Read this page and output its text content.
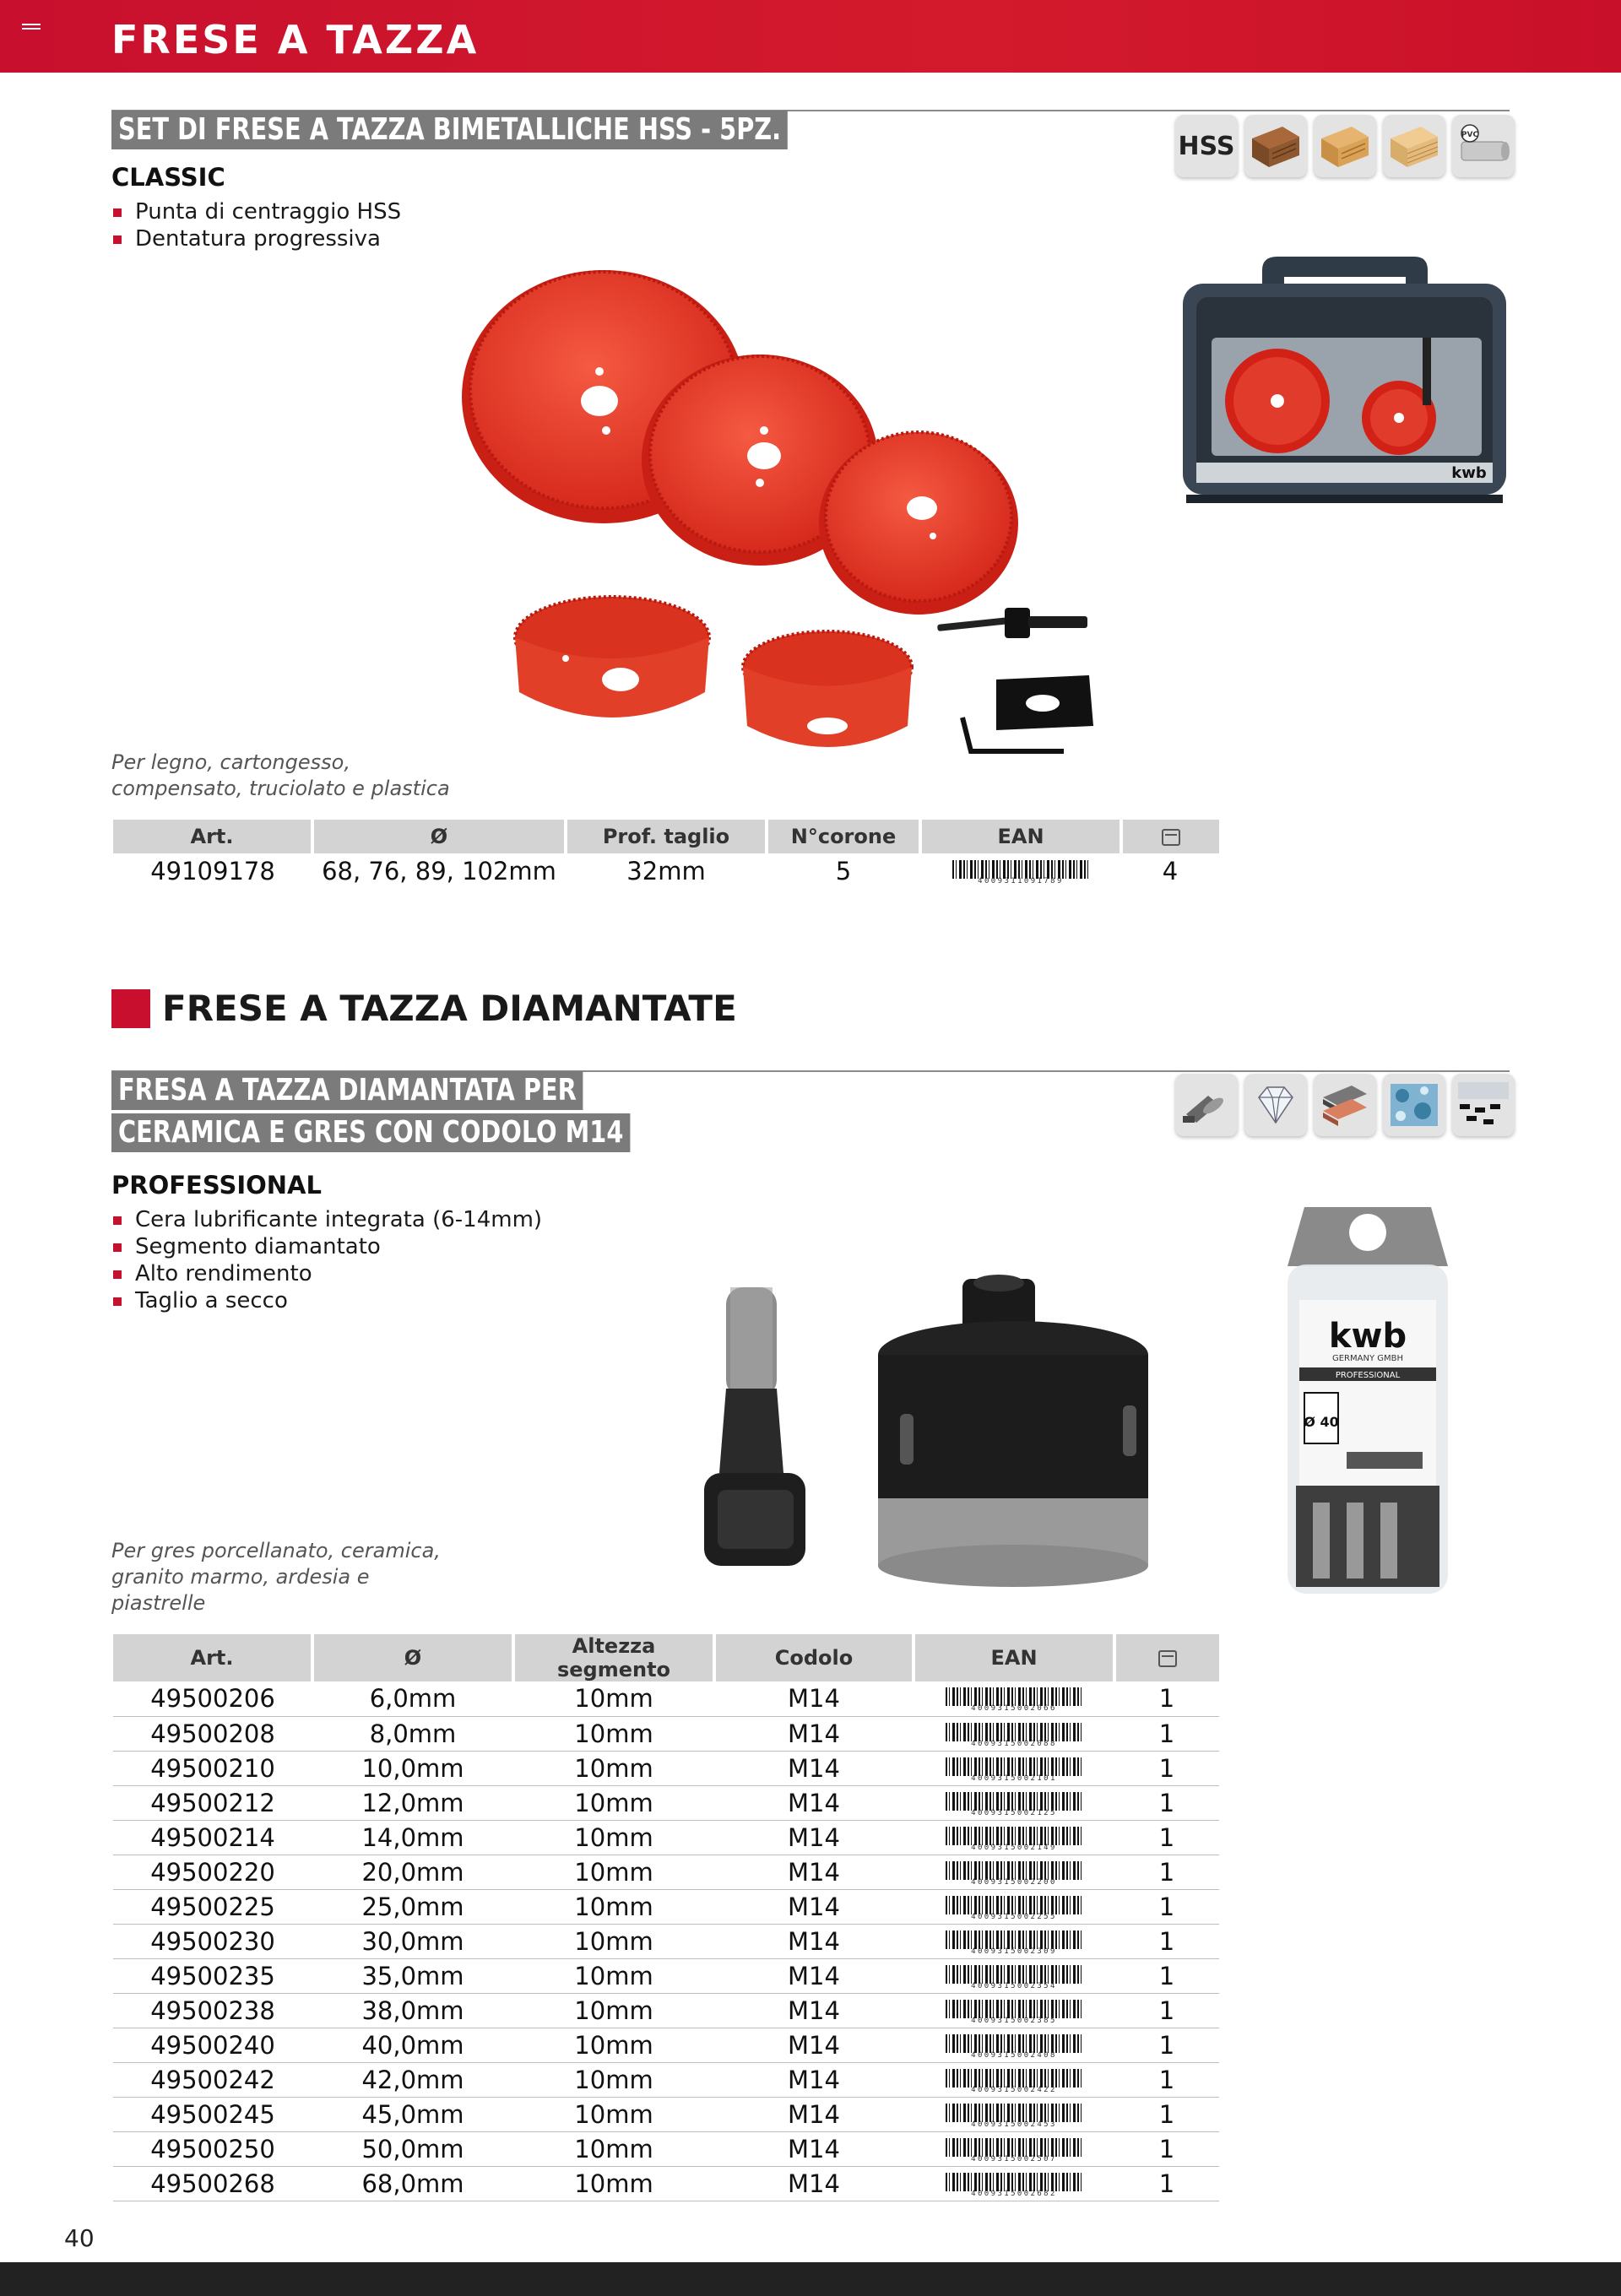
FRESE A TAZZA
SET DI FRESE A TAZZA BIMETALLICHE HSS - 5PZ.
CLASSIC
Punta di centraggio HSS
Dentatura progressiva
HSS	PVC
kwb
Per legno, cartongesso, compensato, truciolato e plastica
Art.	Ø	Prof. taglio	N°corone	EAN	
49109178	68, 76, 89, 102mm	32mm	5	4009311091789	4
FRESE A TAZZA DIAMANTATE
FRESA A TAZZA DIAMANTATA PER
CERAMICA E GRES CON CODOLO M14
PROFESSIONAL
Cera lubrificante integrata (6-14mm)
Segmento diamantato
Alto rendimento
Taglio a secco
kwb
GERMANY GMBH
PROFESSIONAL
Ø 40
Per gres porcellanato, ceramica, granito marmo, ardesia e piastrelle
Art.	Ø	Altezza segmento	Codolo	EAN	
49500206	6,0mm	10mm	M14	4009315002066	1
49500208	8,0mm	10mm	M14	4009315002088	1
49500210	10,0mm	10mm	M14	4009315002101	1
49500212	12,0mm	10mm	M14	4009315002125	1
49500214	14,0mm	10mm	M14	4009315002149	1
49500220	20,0mm	10mm	M14	4009315002200	1
49500225	25,0mm	10mm	M14	4009315002255	1
49500230	30,0mm	10mm	M14	4009315002309	1
49500235	35,0mm	10mm	M14	4009315002354	1
49500238	38,0mm	10mm	M14	4009315002385	1
49500240	40,0mm	10mm	M14	4009315002408	1
49500242	42,0mm	10mm	M14	4009315002422	1
49500245	45,0mm	10mm	M14	4009315002453	1
49500250	50,0mm	10mm	M14	4009315002507	1
49500268	68,0mm	10mm	M14	4009315002682	1
40
